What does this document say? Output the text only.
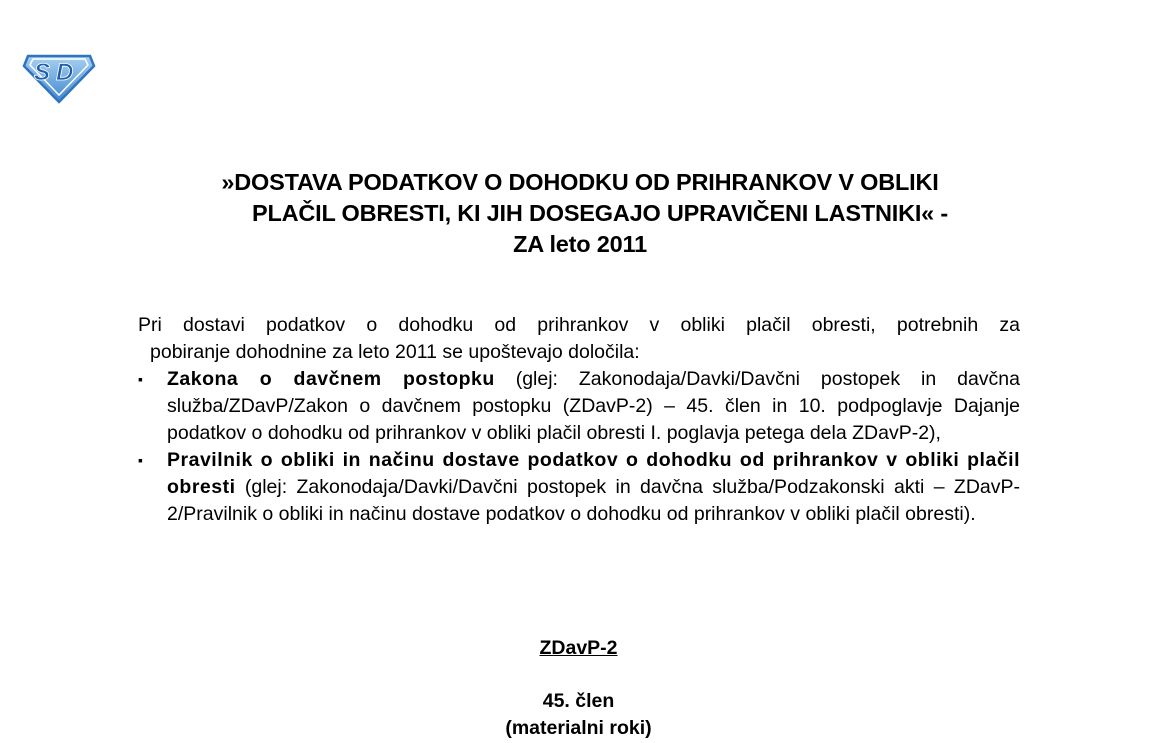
S D
»DOSTAVA PODATKOV O DOHODKU OD PRIHRANKOV V OBLIKI
PLAČIL OBRESTI, KI JIH DOSEGAJO UPRAVIČENI LASTNIKI« -
ZA leto 2011

Pri dostavi podatkov o dohodku od prihrankov v obliki plačil obresti, potrebnih za
pobiranje dohodnine za leto 2011 se upoštevajo določila:

▪	Zakona o davčnem postopku (glej: Zakonodaja/Davki/Davčni postopek in davčna služba/ZDavP/Zakon o davčnem postopku (ZDavP-2) – 45. člen in 10. podpoglavje Dajanje podatkov o dohodku od prihrankov v obliki plačil obresti I. poglavja petega dela ZDavP-2),
▪	Pravilnik o obliki in načinu dostave podatkov o dohodku od prihrankov v obliki plačil obresti (glej: Zakonodaja/Davki/Davčni postopek in davčna služba/Podzakonski akti – ZDavP-2/Pravilnik o obliki in načinu dostave podatkov o dohodku od prihrankov v obliki plačil obresti).
ZDavP-2
45. člen
(materialni roki)
